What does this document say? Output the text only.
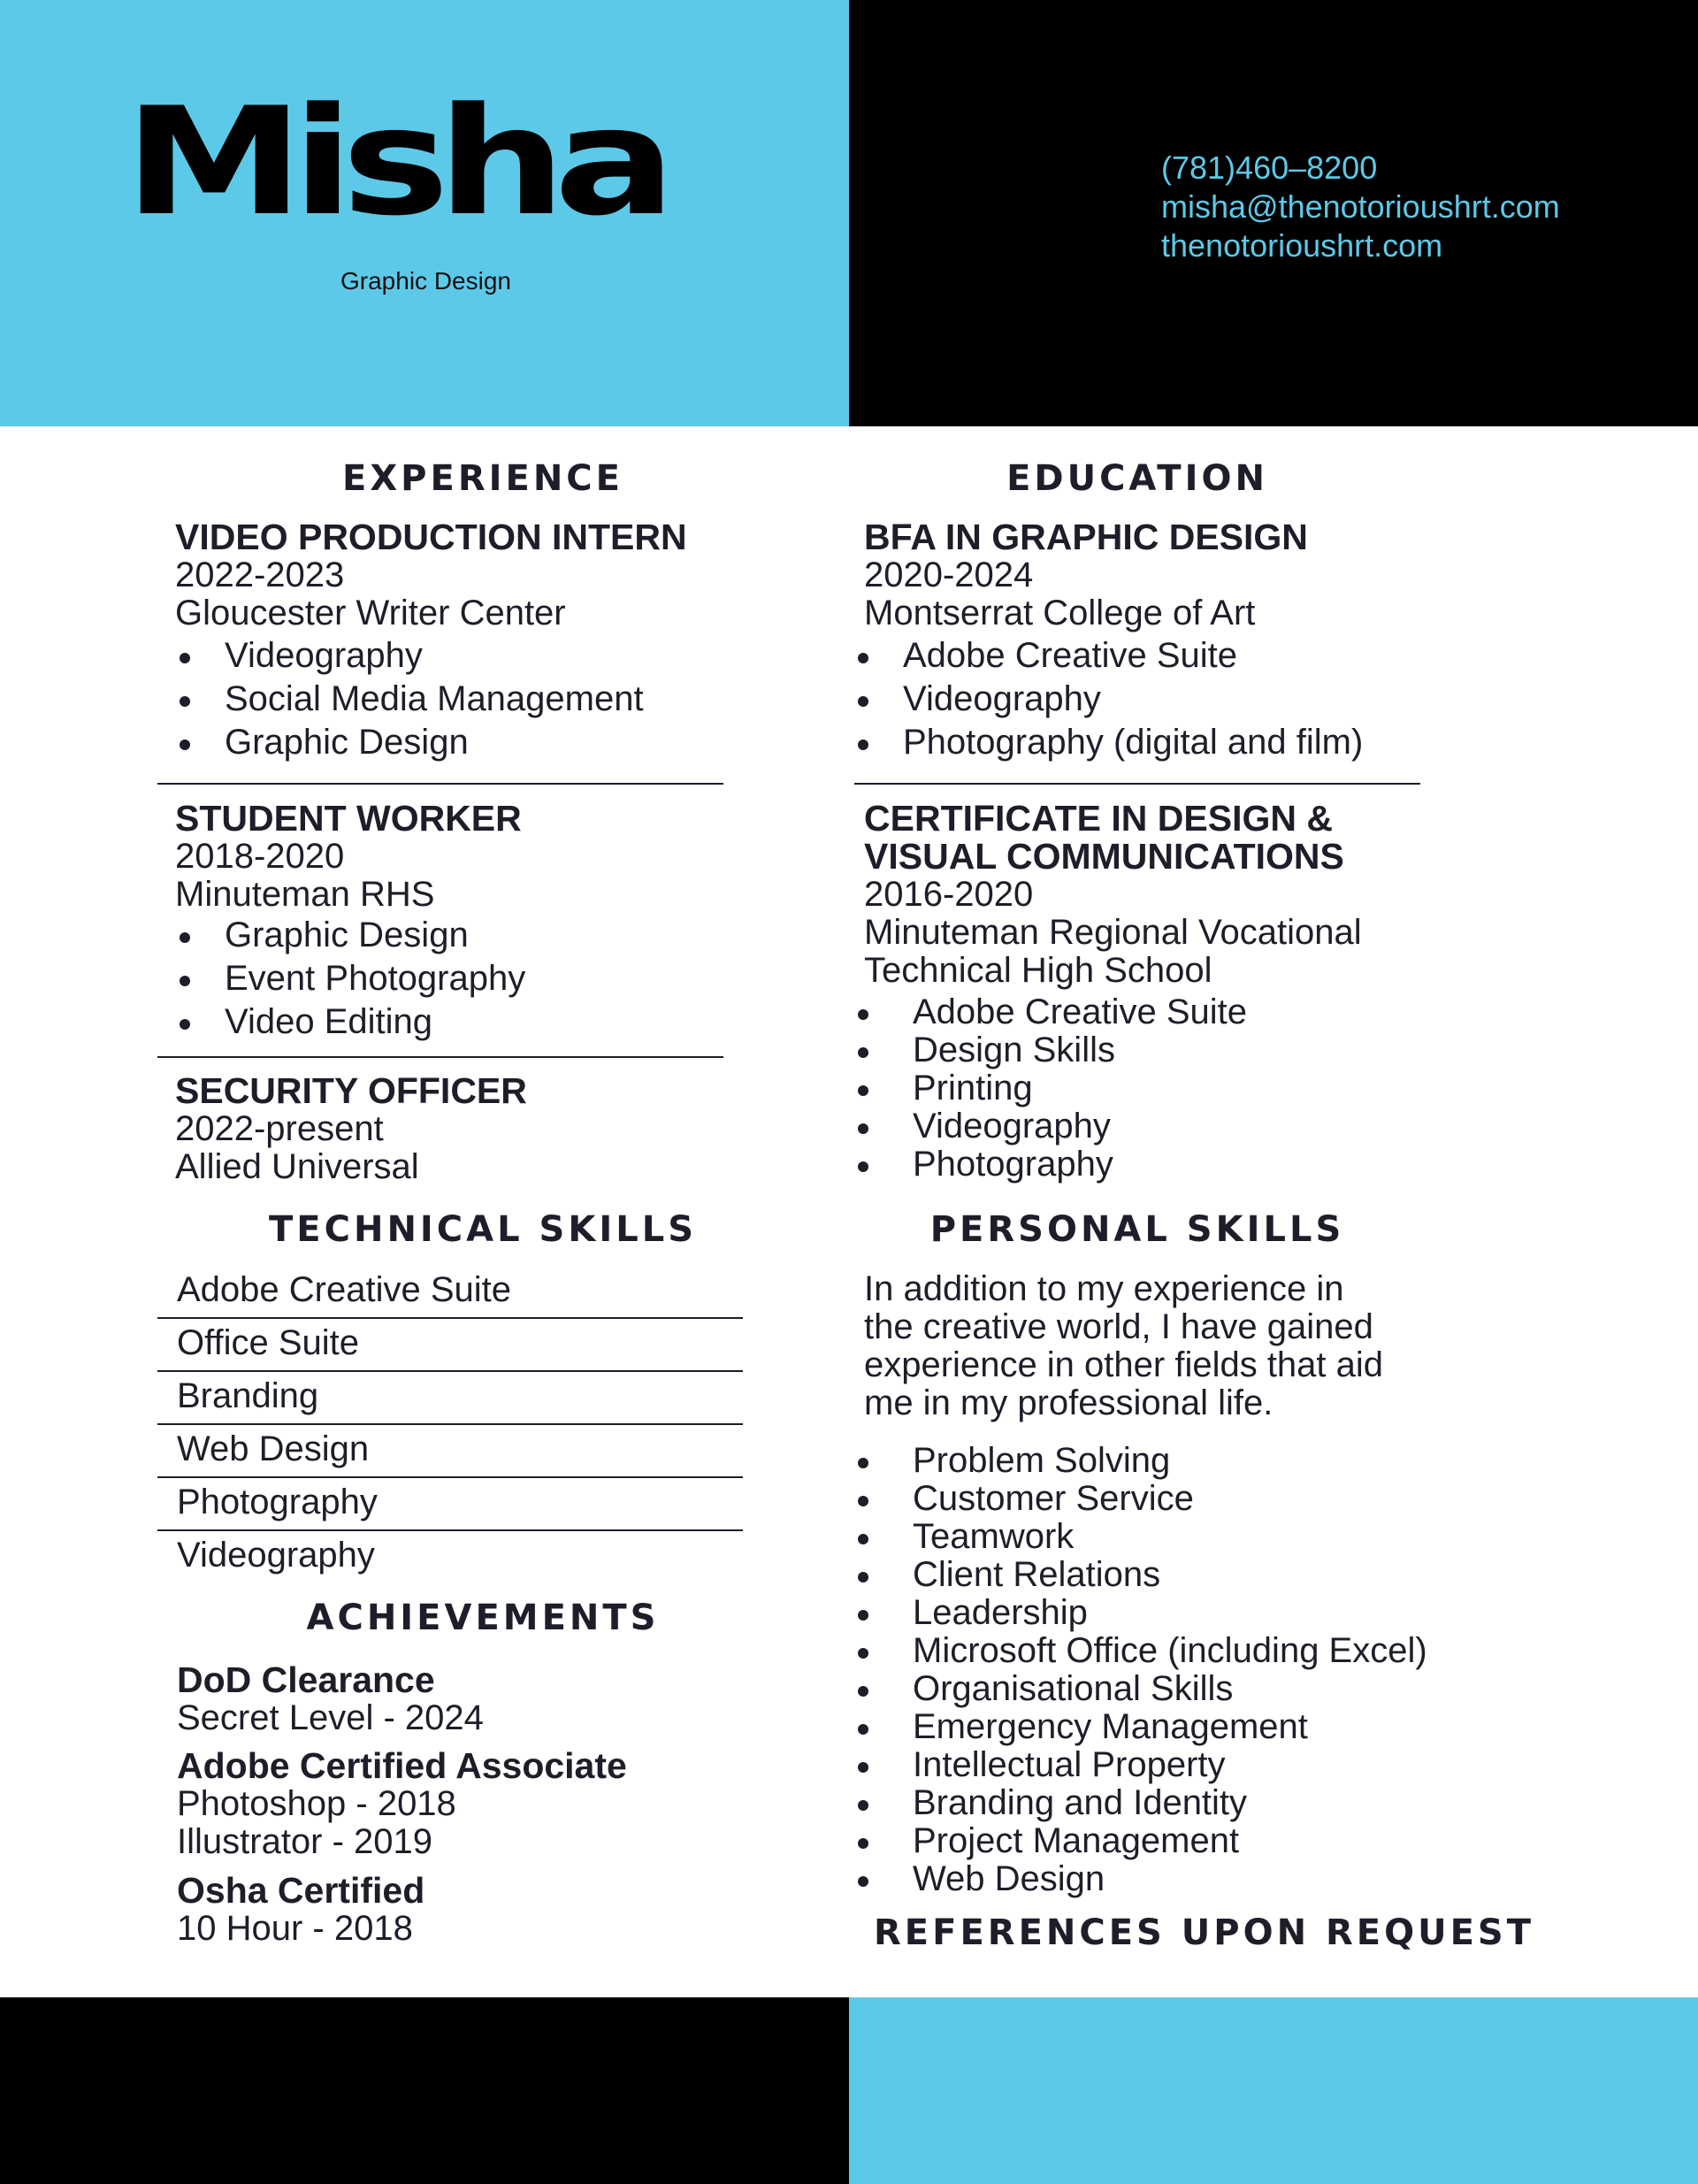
Misha
Graphic Design
(781)460–8200
misha@thenotorioushrt.com
thenotorioushrt.com
EXPERIENCE
VIDEO PRODUCTION INTERN
2022-2023
Gloucester Writer Center
Videography
Social Media Management
Graphic Design
STUDENT WORKER
2018-2020
Minuteman RHS
Graphic Design
Event Photography
Video Editing
SECURITY OFFICER
2022-present
Allied Universal
TECHNICAL SKILLS
Adobe Creative Suite
Office Suite
Branding
Web Design
Photography
Videography
ACHIEVEMENTS
DoD Clearance
Secret Level - 2024
Adobe Certified Associate
Photoshop - 2018
Illustrator - 2019
Osha Certified
10 Hour - 2018
EDUCATION
BFA IN GRAPHIC DESIGN
2020-2024
Montserrat College of Art
Adobe Creative Suite
Videography
Photography (digital and film)
CERTIFICATE IN DESIGN &
VISUAL COMMUNICATIONS
2016-2020
Minuteman Regional Vocational
Technical High School
Adobe Creative Suite
Design Skills
Printing
Videography
Photography
PERSONAL SKILLS
In addition to my experience in
the creative world, I have gained
experience in other fields that aid
me in my professional life.
Problem Solving
Customer Service
Teamwork
Client Relations
Leadership
Microsoft Office (including Excel)
Organisational Skills
Emergency Management
Intellectual Property
Branding and Identity
Project Management
Web Design
REFERENCES UPON REQUEST
